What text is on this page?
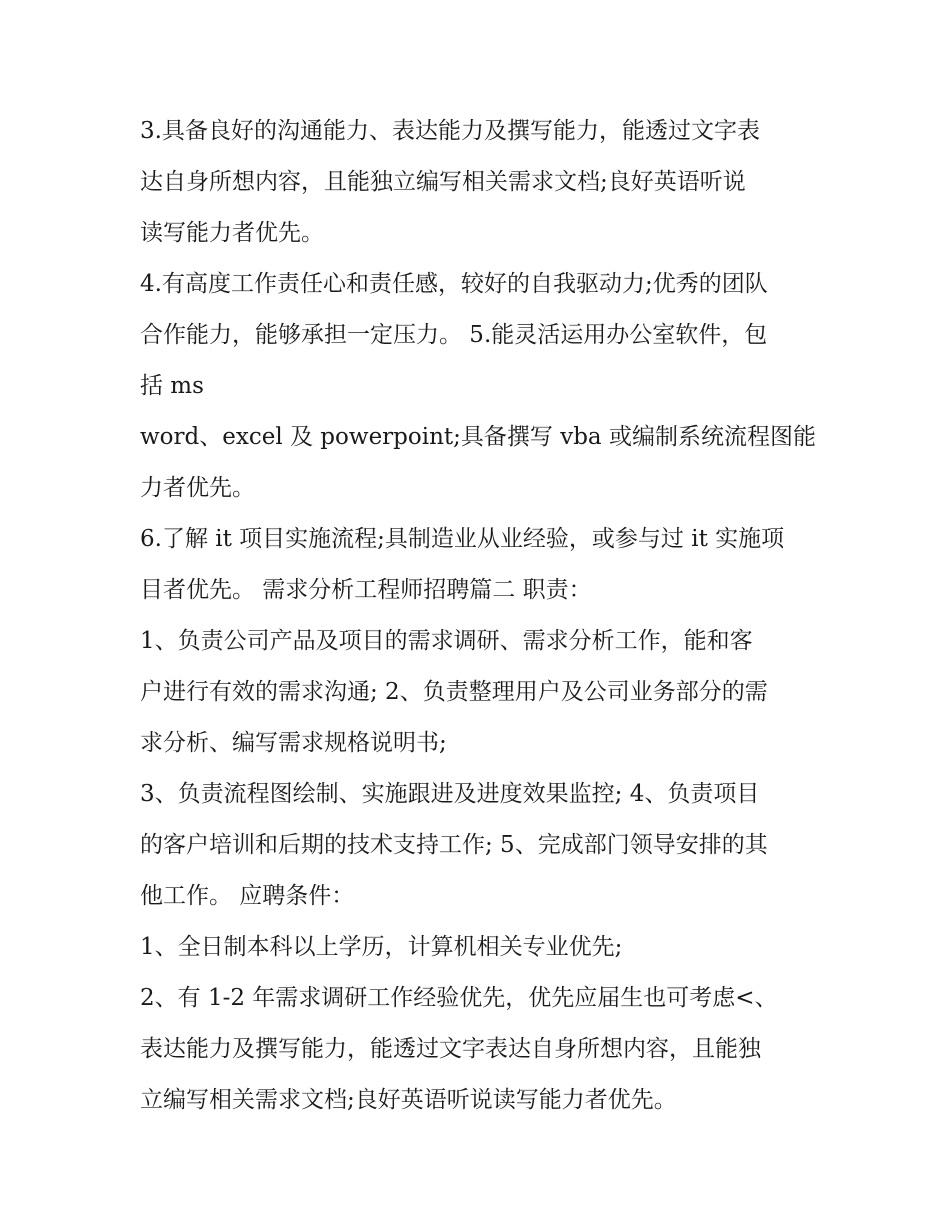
3.具备良好的沟通能力、表达能力及撰写能力，能透过文字表
达自身所想内容，且能独立编写相关需求文档;良好英语听说
读写能力者优先。
4.有高度工作责任心和责任感，较好的自我驱动力;优秀的团队
合作能力，能够承担一定压力。 5.能灵活运用办公室软件，包
括 ms
word、excel 及 powerpoint;具备撰写 vba 或编制系统流程图能
力者优先。
6.了解 it 项目实施流程;具制造业从业经验，或参与过 it 实施项
目者优先。 需求分析工程师招聘篇二 职责：
1、负责公司产品及项目的需求调研、需求分析工作，能和客
户进行有效的需求沟通; 2、负责整理用户及公司业务部分的需
求分析、编写需求规格说明书;
3、负责流程图绘制、实施跟进及进度效果监控; 4、负责项目
的客户培训和后期的技术支持工作; 5、完成部门领导安排的其
他工作。 应聘条件：
1、全日制本科以上学历，计算机相关专业优先;
2、有 1-2 年需求调研工作经验优先，优先应届生也可考虑<、
表达能力及撰写能力，能透过文字表达自身所想内容，且能独
立编写相关需求文档;良好英语听说读写能力者优先。
